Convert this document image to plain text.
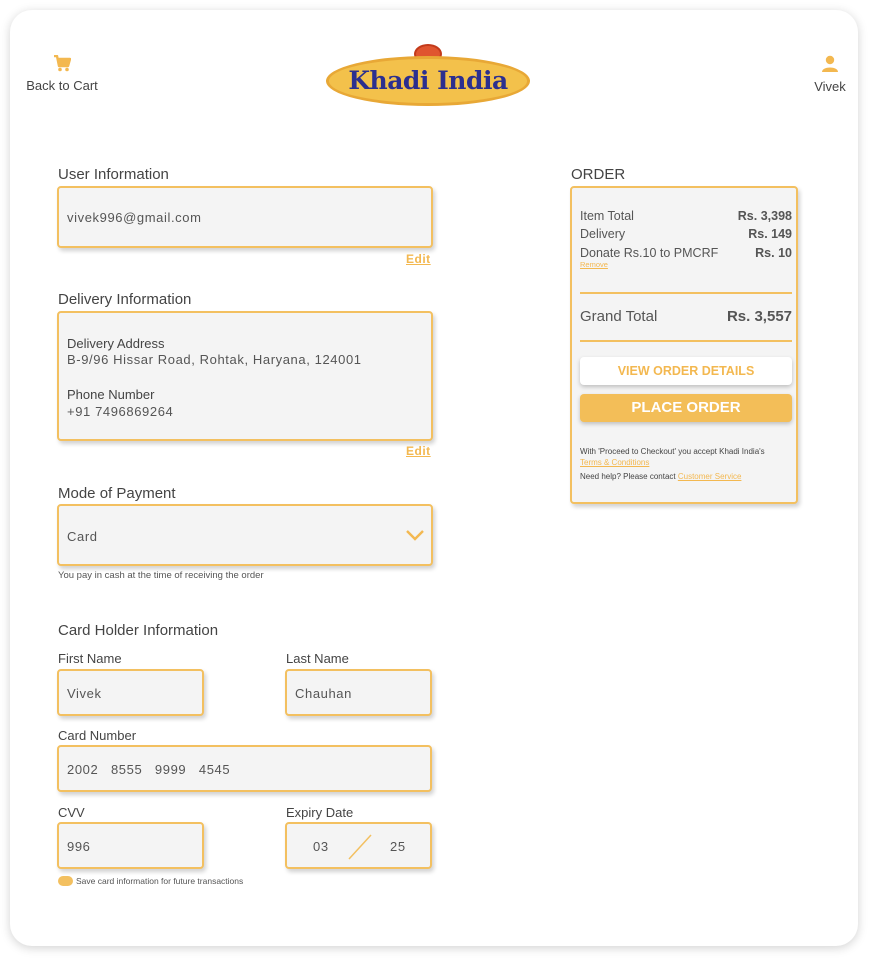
Back to Cart	Khadi India	Vivek
User Information
vivek996@gmail.com
Edit
Delivery Information
Delivery Address
B-9/96 Hissar Road, Rohtak, Haryana, 124001
Phone Number
+91 7496869264
Edit
Mode of Payment
Card
You pay in cash at the time of receiving the order
Card Holder Information
First Name
Vivek
Last Name
Chauhan
Card Number
2002   8555   9999   4545
CVV
996
Expiry Date
03	25
Save card information for future transactions
ORDER
Item Total	Rs. 3,398
Delivery	Rs. 149
Donate Rs.10 to PMCRF	Rs. 10
Remove
Grand Total	Rs. 3,557
VIEW ORDER DETAILS
PLACE ORDER
With 'Proceed to Checkout' you accept Khadi India's
Terms & Conditions
Need help? Please contact Customer Service
